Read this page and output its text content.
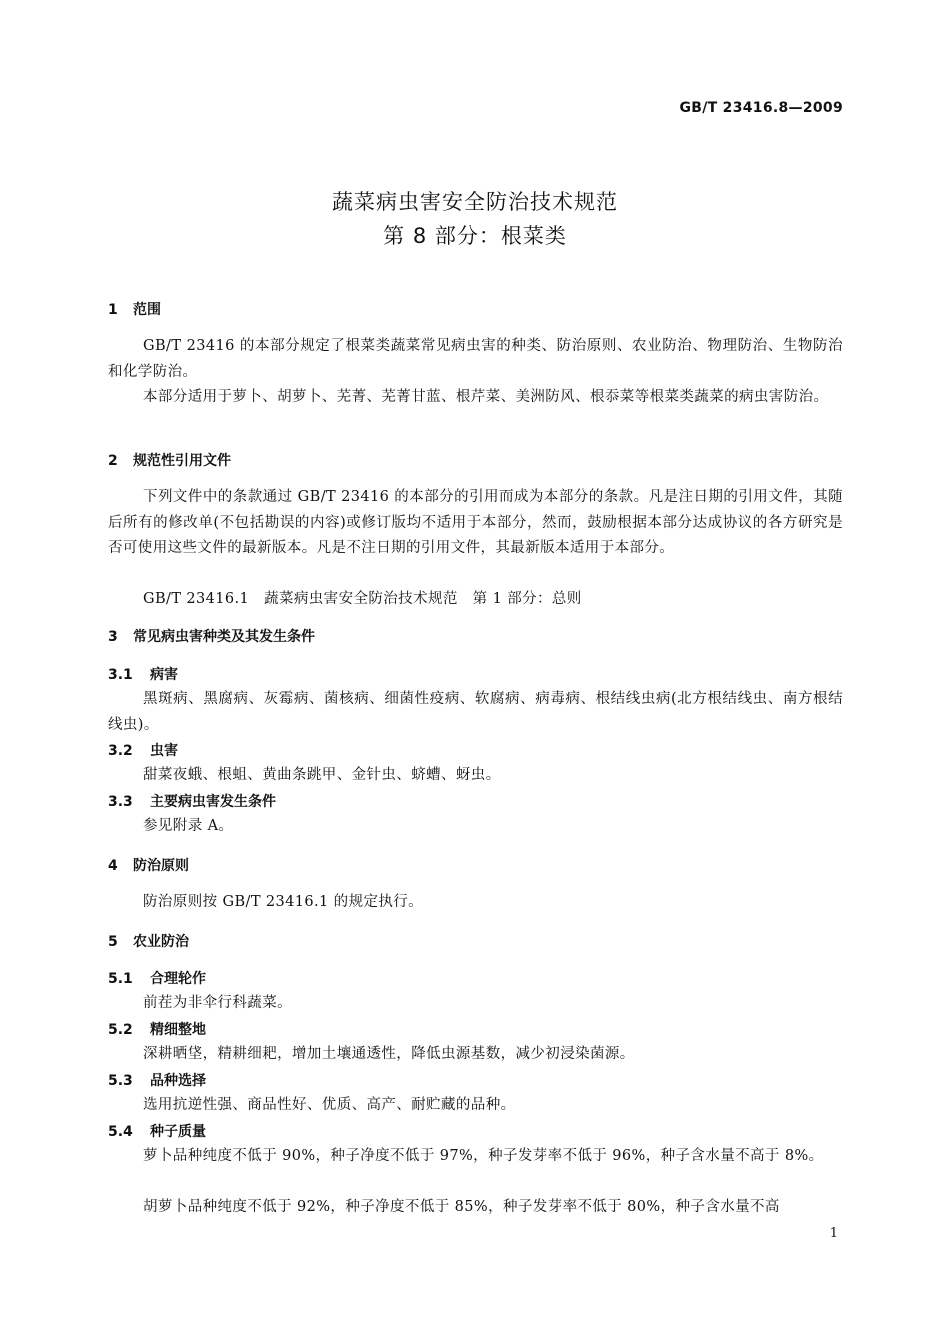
GB/T 23416.8—2009
蔬菜病虫害安全防治技术规范
第 8 部分：根菜类
1 范围
GB/T 23416 的本部分规定了根菜类蔬菜常见病虫害的种类、防治原则、农业防治、物理防治、生物防治和化学防治。
本部分适用于萝卜、胡萝卜、芜菁、芜菁甘蓝、根芹菜、美洲防风、根忝菜等根菜类蔬菜的病虫害防治。
2 规范性引用文件
下列文件中的条款通过 GB/T 23416 的本部分的引用而成为本部分的条款。凡是注日期的引用文件，其随后所有的修改单(不包括勘误的内容)或修订版均不适用于本部分，然而，鼓励根据本部分达成协议的各方研究是否可使用这些文件的最新版本。凡是不注日期的引用文件，其最新版本适用于本部分。
GB/T 23416.1　蔬菜病虫害安全防治技术规范　第 1 部分：总则
3 常见病虫害种类及其发生条件
3.1 病害
黑斑病、黑腐病、灰霉病、菌核病、细菌性疫病、软腐病、病毒病、根结线虫病(北方根结线虫、南方根结线虫)。
3.2 虫害
甜菜夜蛾、根蛆、黄曲条跳甲、金针虫、蛴螬、蚜虫。
3.3 主要病虫害发生条件
参见附录 A。
4 防治原则
防治原则按 GB/T 23416.1 的规定执行。
5 农业防治
5.1 合理轮作
前茬为非伞行科蔬菜。
5.2 精细整地
深耕晒垡，精耕细耙，增加土壤通透性，降低虫源基数，减少初浸染菌源。
5.3 品种选择
选用抗逆性强、商品性好、优质、高产、耐贮藏的品种。
5.4 种子质量
萝卜品种纯度不低于 90%，种子净度不低于 97%，种子发芽率不低于 96%，种子含水量不高于 8%。
胡萝卜品种纯度不低于 92%，种子净度不低于 85%，种子发芽率不低于 80%，种子含水量不高
1
